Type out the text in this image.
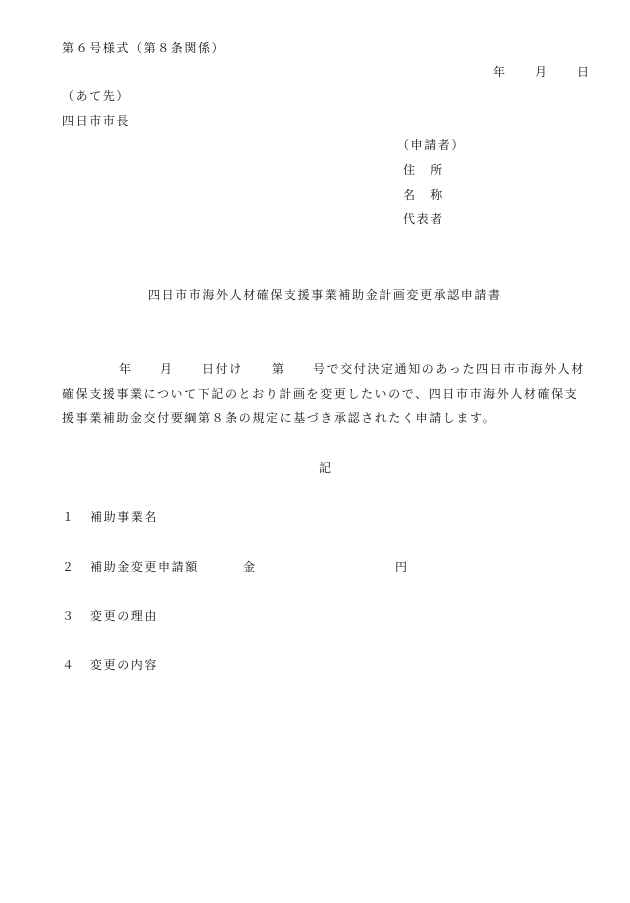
第６号様式（第８条関係）
年 月 日
（あて先）
四日市市長
（申請者）
住　所
名　称
代表者
四日市市海外人材確保支援事業補助金計画変更承認申請書
年 月 日付け 第 号で交付決定通知のあった四日市市海外人材
確保支援事業について下記のとおり計画を変更したいので、四日市市海外人材確保支
援事業補助金交付要綱第８条の規定に基づき承認されたく申請します。
記
１ 補助事業名
２ 補助金変更申請額	金	円
３ 変更の理由
４ 変更の内容
